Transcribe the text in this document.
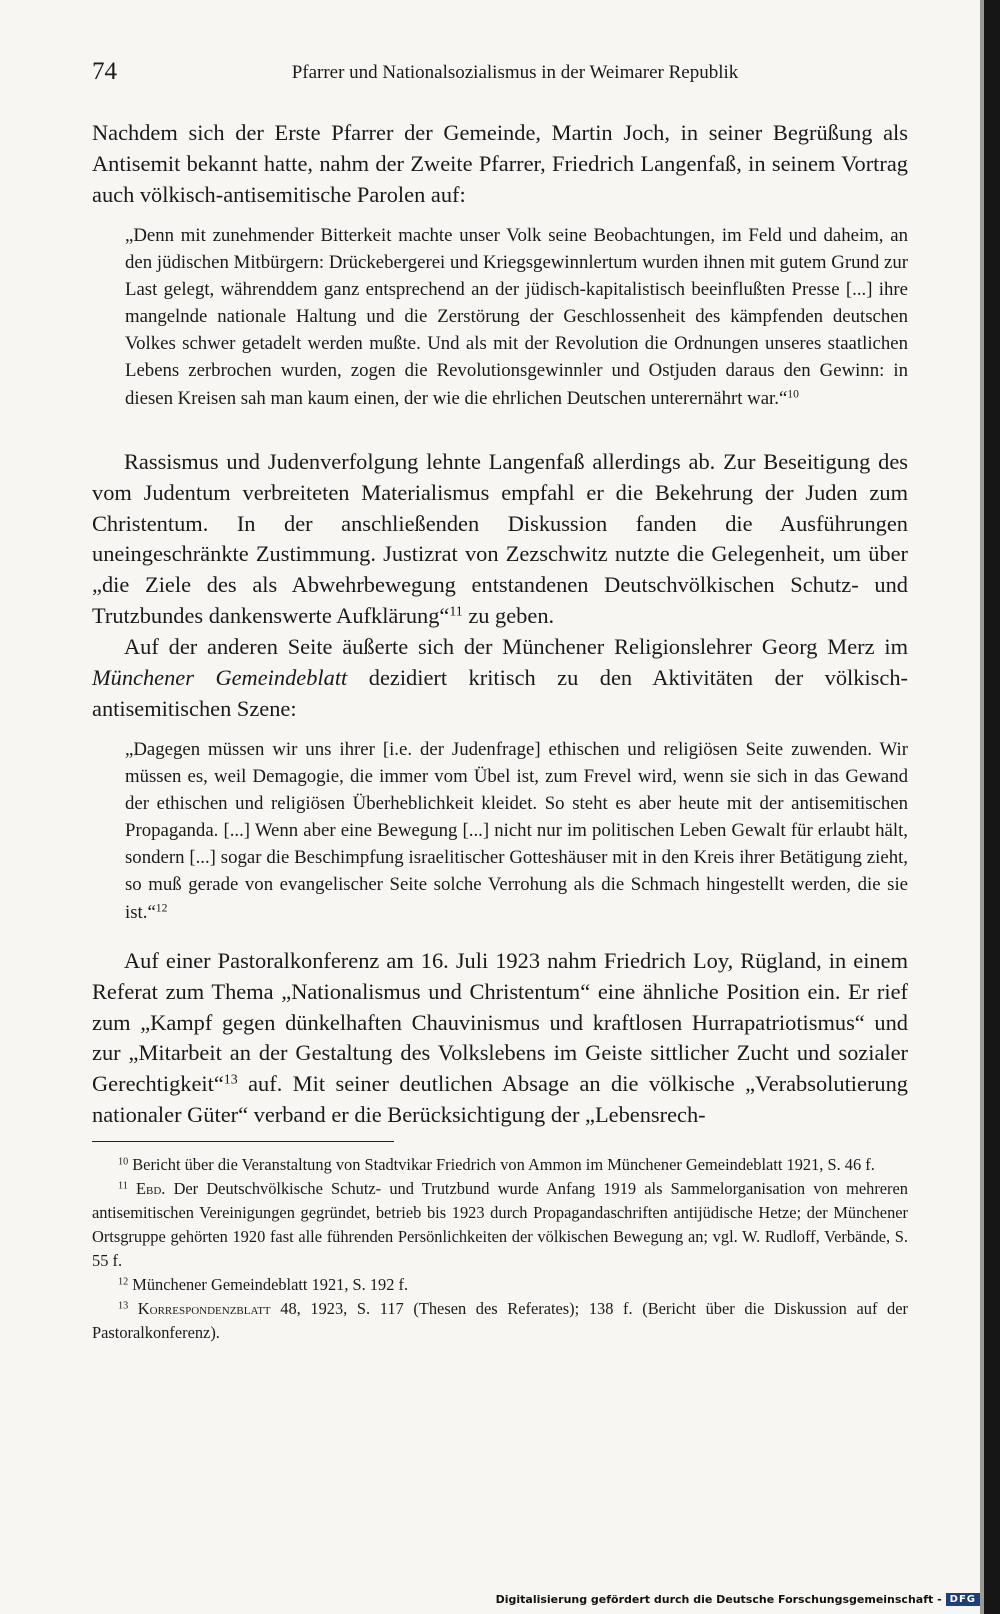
74	Pfarrer und Nationalsozialismus in der Weimarer Republik

Nachdem sich der Erste Pfarrer der Gemeinde, Martin Joch, in seiner Begrüßung als Antisemit bekannt hatte, nahm der Zweite Pfarrer, Friedrich Langenfaß, in seinem Vortrag auch völkisch-antisemitische Parolen auf:

„Denn mit zunehmender Bitterkeit machte unser Volk seine Beobachtungen, im Feld und daheim, an den jüdischen Mitbürgern: Drückebergerei und Kriegsgewinnlertum wurden ihnen mit gutem Grund zur Last gelegt, währenddem ganz entsprechend an der jüdisch-kapitalistisch beeinflußten Presse [...] ihre mangelnde nationale Haltung und die Zerstörung der Geschlossenheit des kämpfenden deutschen Volkes schwer getadelt werden mußte. Und als mit der Revolution die Ordnungen unseres staatlichen Lebens zerbrochen wurden, zogen die Revolutionsgewinnler und Ostjuden daraus den Gewinn: in diesen Kreisen sah man kaum einen, der wie die ehrlichen Deutschen unterernährt war.“$^{10}$

Rassismus und Judenverfolgung lehnte Langenfaß allerdings ab. Zur Beseitigung des vom Judentum verbreiteten Materialismus empfahl er die Bekehrung der Juden zum Christentum. In der anschließenden Diskussion fanden die Ausführungen uneingeschränkte Zustimmung. Justizrat von Zezschwitz nutzte die Gelegenheit, um über „die Ziele des als Abwehrbewegung entstandenen Deutschvölkischen Schutz- und Trutzbundes dankenswerte Aufklärung“$^{11}$ zu geben.

Auf der anderen Seite äußerte sich der Münchener Religionslehrer Georg Merz im Münchener Gemeindeblatt dezidiert kritisch zu den Aktivitäten der völkisch-antisemitischen Szene:

„Dagegen müssen wir uns ihrer [i.e. der Judenfrage] ethischen und religiösen Seite zuwenden. Wir müssen es, weil Demagogie, die immer vom Übel ist, zum Frevel wird, wenn sie sich in das Gewand der ethischen und religiösen Überheblichkeit kleidet. So steht es aber heute mit der antisemitischen Propaganda. [...] Wenn aber eine Bewegung [...] nicht nur im politischen Leben Gewalt für erlaubt hält, sondern [...] sogar die Beschimpfung israelitischer Gotteshäuser mit in den Kreis ihrer Betätigung zieht, so muß gerade von evangelischer Seite solche Verrohung als die Schmach hingestellt werden, die sie ist.“$^{12}$

Auf einer Pastoralkonferenz am 16. Juli 1923 nahm Friedrich Loy, Rügland, in einem Referat zum Thema „Nationalismus und Christentum“ eine ähnliche Position ein. Er rief zum „Kampf gegen dünkelhaften Chauvinismus und kraftlosen Hurrapatriotismus“ und zur „Mitarbeit an der Gestaltung des Volkslebens im Geiste sittlicher Zucht und sozialer Gerechtigkeit“$^{13}$ auf. Mit seiner deutlichen Absage an die völkische „Verabsolutierung nationaler Güter“ verband er die Berücksichtigung der „Lebensrech-

$^{10}$ Bericht über die Veranstaltung von Stadtvikar Friedrich von Ammon im Münchener Gemeindeblatt 1921, S. 46 f.

$^{11}$ Ebd. Der Deutschvölkische Schutz- und Trutzbund wurde Anfang 1919 als Sammelorganisation von mehreren antisemitischen Vereinigungen gegründet, betrieb bis 1923 durch Propagandaschriften antijüdische Hetze; der Münchener Ortsgruppe gehörten 1920 fast alle führenden Persönlichkeiten der völkischen Bewegung an; vgl. W. Rudloff, Verbände, S. 55 f.

$^{12}$ Münchener Gemeindeblatt 1921, S. 192 f.

$^{13}$ Korrespondenzblatt 48, 1923, S. 117 (Thesen des Referates); 138 f. (Bericht über die Diskussion auf der Pastoralkonferenz).

Digitalisierung gefördert durch die Deutsche Forschungsgemeinschaft - DFG
